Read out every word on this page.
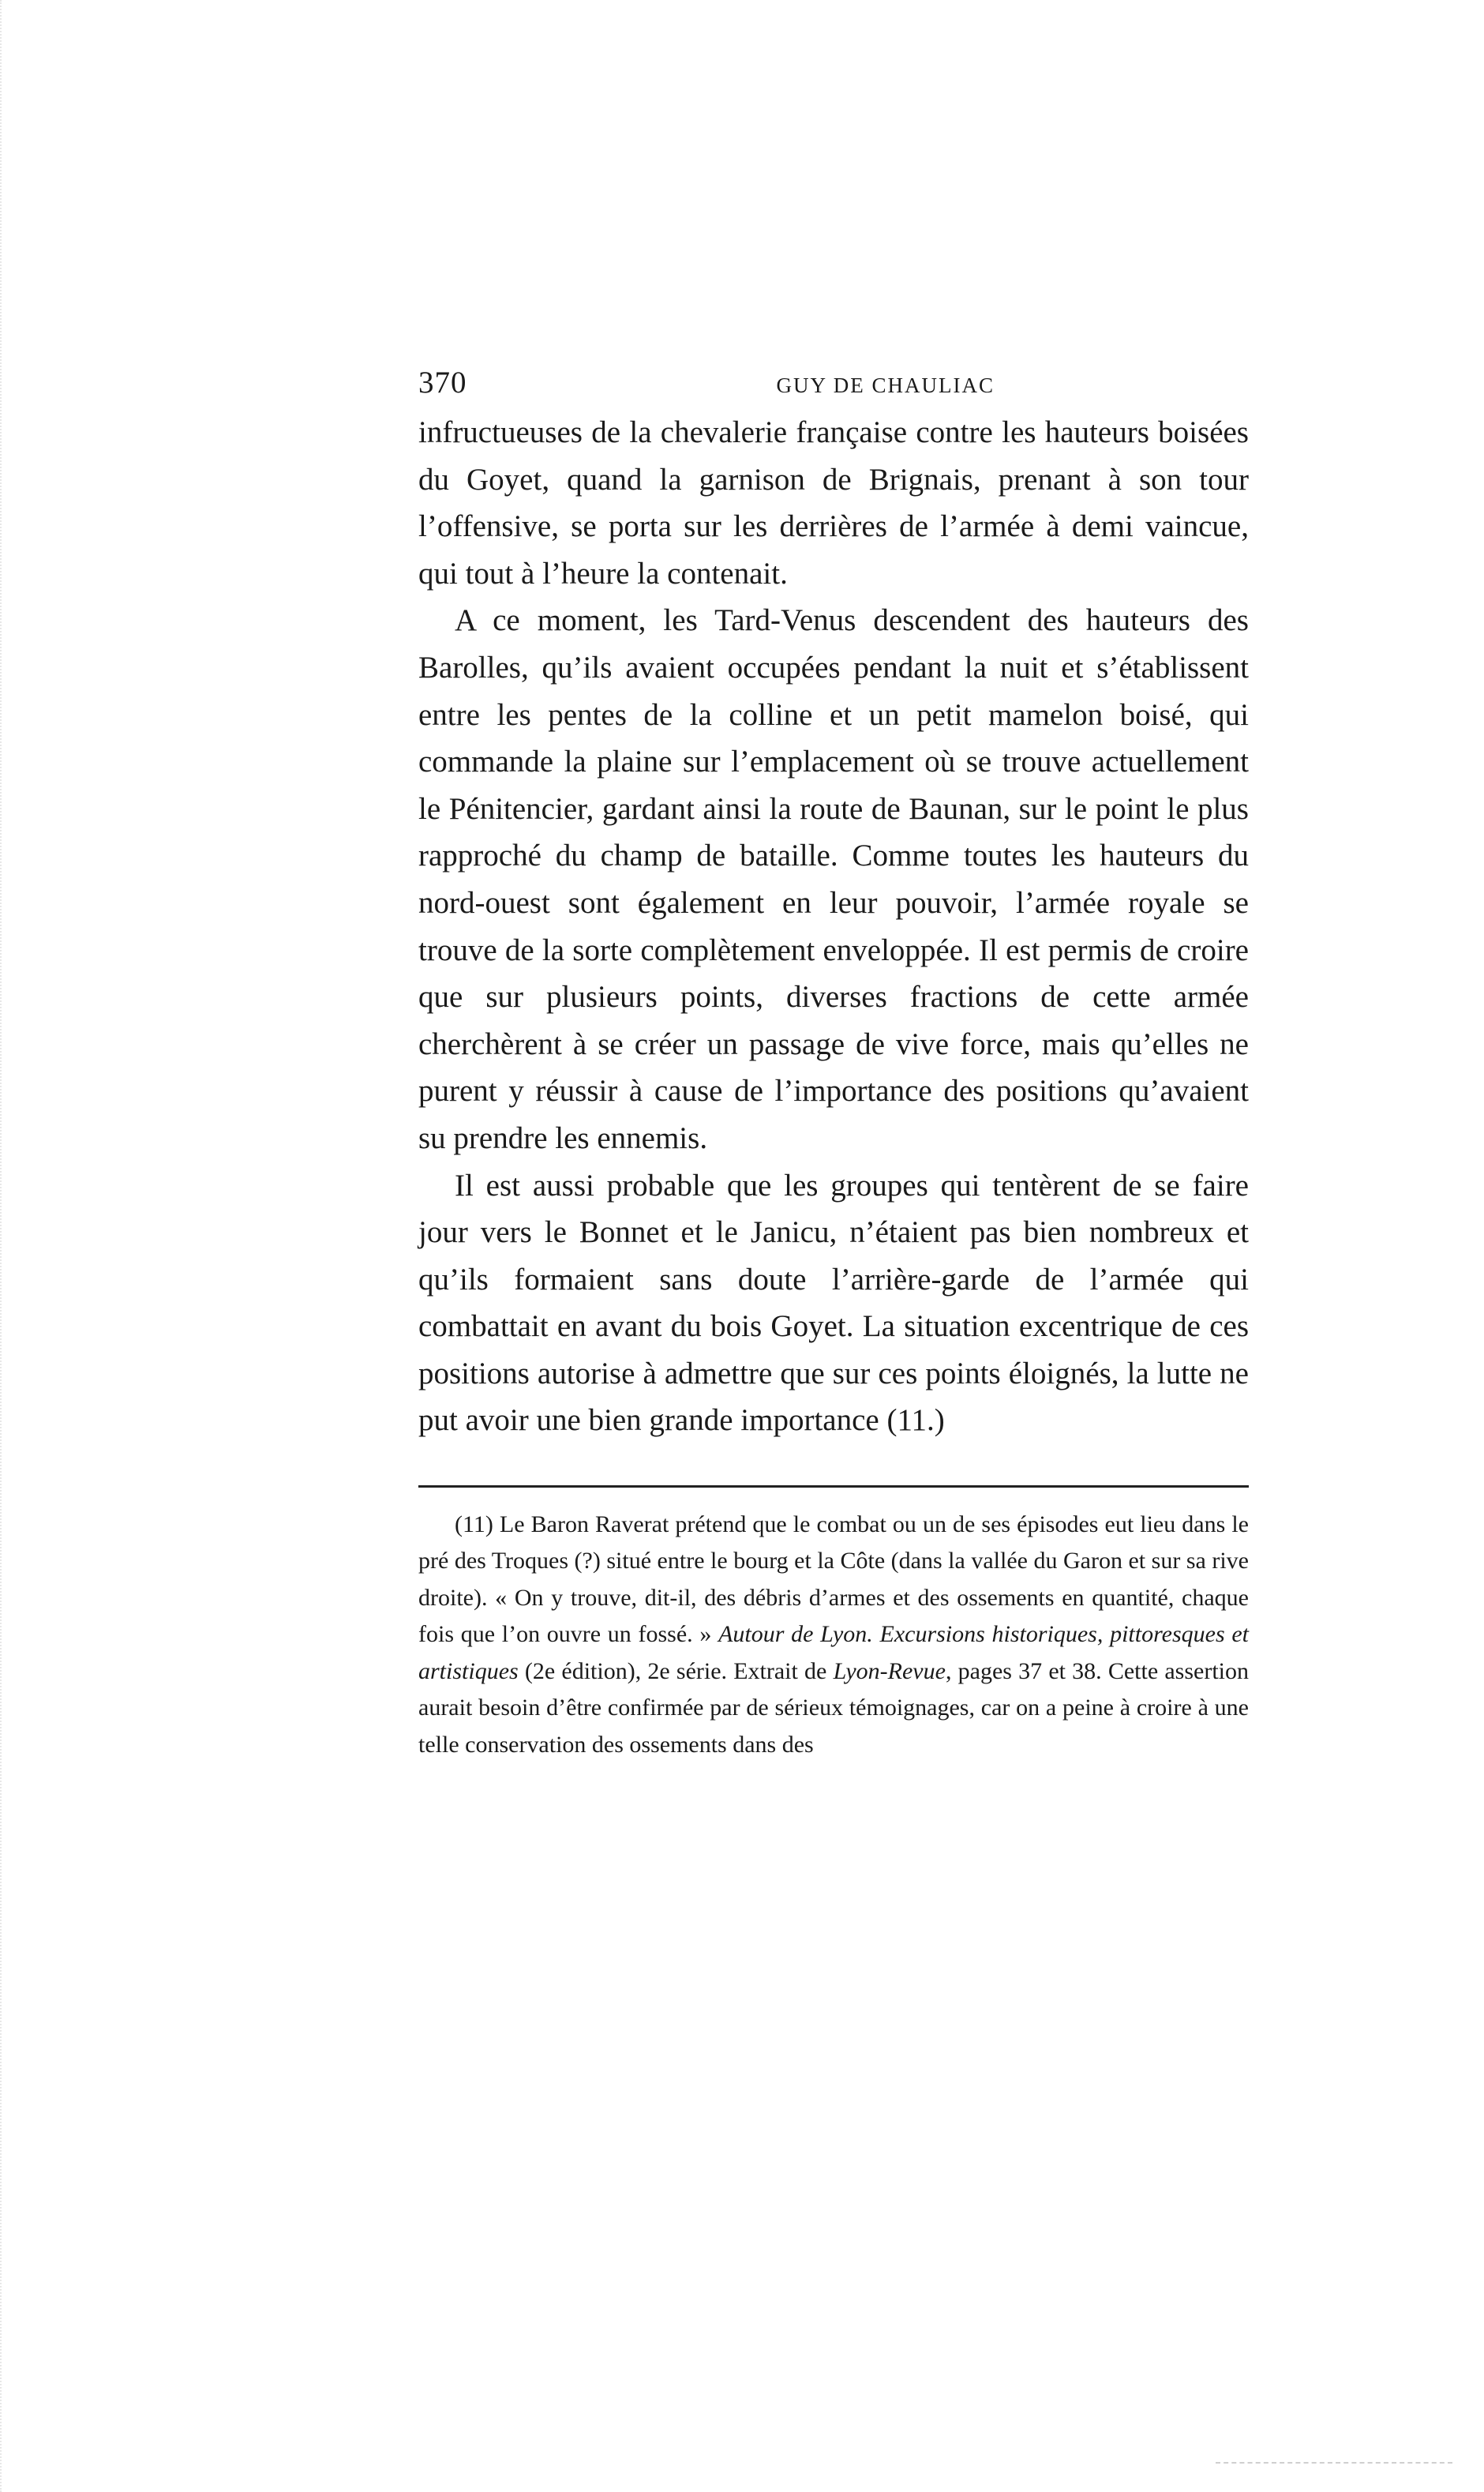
370	GUY DE CHAULIAC

infructueuses de la chevalerie française contre les hauteurs boisées du Goyet, quand la garnison de Brignais, prenant à son tour l’offensive, se porta sur les derrières de l’armée à demi vaincue, qui tout à l’heure la contenait.

A ce moment, les Tard-Venus descendent des hauteurs des Barolles, qu’ils avaient occupées pendant la nuit et s’établissent entre les pentes de la colline et un petit mamelon boisé, qui commande la plaine sur l’emplacement où se trouve actuellement le Pénitencier, gardant ainsi la route de Baunan, sur le point le plus rapproché du champ de bataille. Comme toutes les hauteurs du nord-ouest sont également en leur pouvoir, l’armée royale se trouve de la sorte complètement enveloppée. Il est permis de croire que sur plusieurs points, diverses fractions de cette armée cherchèrent à se créer un passage de vive force, mais qu’elles ne purent y réussir à cause de l’importance des positions qu’avaient su prendre les ennemis.

Il est aussi probable que les groupes qui tentèrent de se faire jour vers le Bonnet et le Janicu, n’étaient pas bien nombreux et qu’ils formaient sans doute l’arrière-garde de l’armée qui combattait en avant du bois Goyet. La situation excentrique de ces positions autorise à admettre que sur ces points éloignés, la lutte ne put avoir une bien grande importance (11.)

(11) Le Baron Raverat prétend que le combat ou un de ses épisodes eut lieu dans le pré des Troques (?) situé entre le bourg et la Côte (dans la vallée du Garon et sur sa rive droite). « On y trouve, dit-il, des débris d’armes et des ossements en quantité, chaque fois que l’on ouvre un fossé. » Autour de Lyon. Excursions historiques, pittoresques et artistiques (2e édition), 2e série. Extrait de Lyon-Revue, pages 37 et 38. Cette assertion aurait besoin d’être confirmée par de sérieux témoignages, car on a peine à croire à une telle conservation des ossements dans des
